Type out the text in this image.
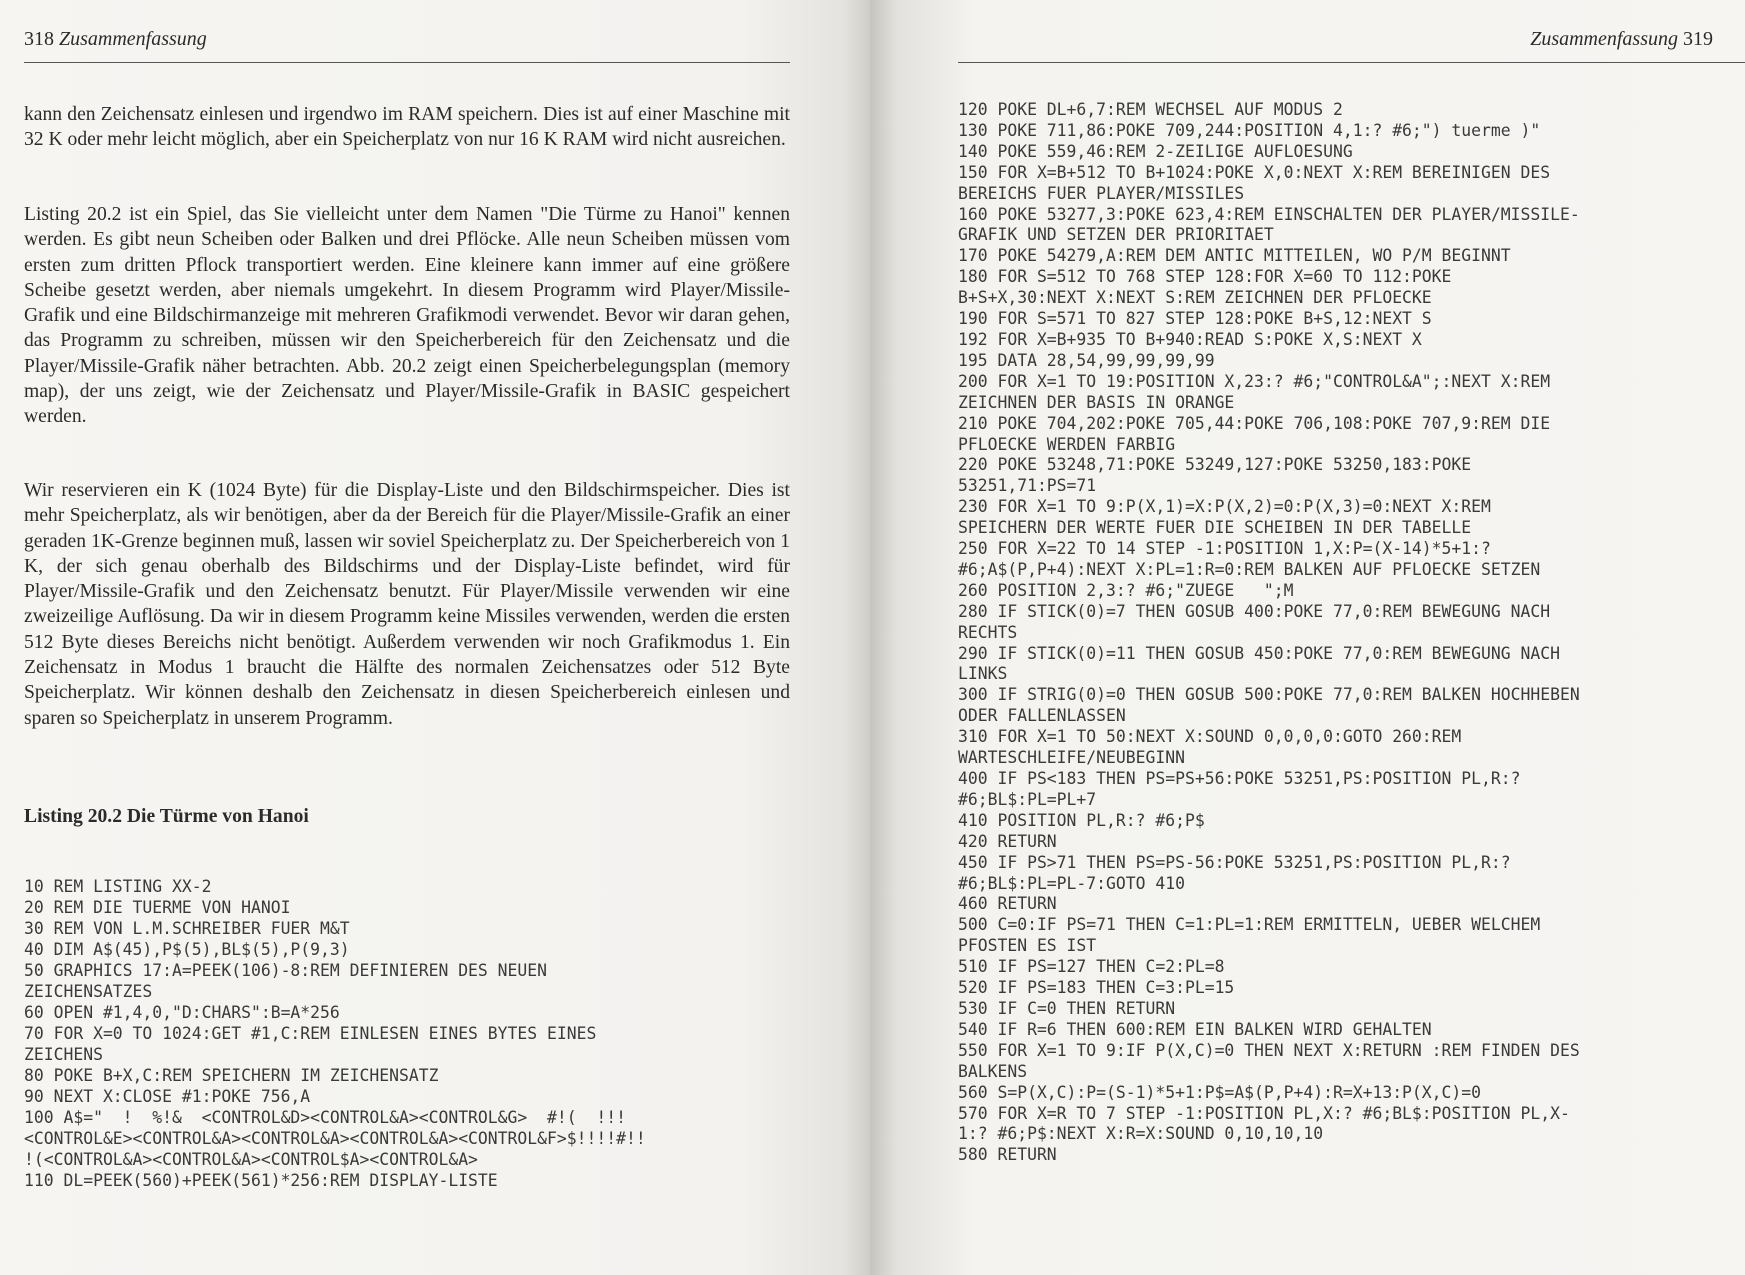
318 Zusammenfassung

kann den Zeichensatz einlesen und irgendwo im RAM speichern. Dies ist auf einer Maschine mit 32 K oder mehr leicht möglich, aber ein Speicherplatz von nur 16 K RAM wird nicht ausreichen.

Listing 20.2 ist ein Spiel, das Sie vielleicht unter dem Namen "Die Türme zu Hanoi" kennen werden. Es gibt neun Scheiben oder Balken und drei Pflöcke. Alle neun Scheiben müssen vom ersten zum dritten Pflock transportiert werden. Eine kleinere kann immer auf eine größere Scheibe gesetzt werden, aber niemals umgekehrt. In diesem Programm wird Player/Missile-Grafik und eine Bildschirmanzeige mit mehreren Grafikmodi verwendet. Bevor wir daran gehen, das Programm zu schreiben, müssen wir den Speicherbereich für den Zeichensatz und die Player/Missile-Grafik näher betrachten. Abb. 20.2 zeigt einen Speicherbelegungsplan (memory map), der uns zeigt, wie der Zeichensatz und Player/Missile-Grafik in BASIC gespeichert werden.

Wir reservieren ein K (1024 Byte) für die Display-Liste und den Bildschirmspeicher. Dies ist mehr Speicherplatz, als wir benötigen, aber da der Bereich für die Player/Missile-Grafik an einer geraden 1K-Grenze beginnen muß, lassen wir soviel Speicherplatz zu. Der Speicherbereich von 1 K, der sich genau oberhalb des Bildschirms und der Display-Liste befindet, wird für Player/Missile-Grafik und den Zeichensatz benutzt. Für Player/Missile verwenden wir eine zweizeilige Auflösung. Da wir in diesem Programm keine Missiles verwenden, werden die ersten 512 Byte dieses Bereichs nicht benötigt. Außerdem verwenden wir noch Grafikmodus 1. Ein Zeichensatz in Modus 1 braucht die Hälfte des normalen Zeichensatzes oder 512 Byte Speicherplatz. Wir können deshalb den Zeichensatz in diesen Speicherbereich einlesen und sparen so Speicherplatz in unserem Programm.

Listing 20.2 Die Türme von Hanoi
10 REM LISTING XX-2
20 REM DIE TUERME VON HANOI
30 REM VON L.M.SCHREIBER FUER M&T
40 DIM A$(45),P$(5),BL$(5),P(9,3)
50 GRAPHICS 17:A=PEEK(106)-8:REM DEFINIEREN DES NEUEN
ZEICHENSATZES
60 OPEN #1,4,0,"D:CHARS":B=A*256
70 FOR X=0 TO 1024:GET #1,C:REM EINLESEN EINES BYTES EINES
ZEICHENS
80 POKE B+X,C:REM SPEICHERN IM ZEICHENSATZ
90 NEXT X:CLOSE #1:POKE 756,A
100 A$="  !  %!&  <CONTROL&D><CONTROL&A><CONTROL&G>  #!(  !!!
<CONTROL&E><CONTROL&A><CONTROL&A><CONTROL&A><CONTROL&F>$!!!!#!!
!(<CONTROL&A><CONTROL&A><CONTROL$A><CONTROL&A>
110 DL=PEEK(560)+PEEK(561)*256:REM DISPLAY-LISTE
Zusammenfassung 319
120 POKE DL+6,7:REM WECHSEL AUF MODUS 2
130 POKE 711,86:POKE 709,244:POSITION 4,1:? #6;") tuerme )"
140 POKE 559,46:REM 2-ZEILIGE AUFLOESUNG
150 FOR X=B+512 TO B+1024:POKE X,0:NEXT X:REM BEREINIGEN DES
BEREICHS FUER PLAYER/MISSILES
160 POKE 53277,3:POKE 623,4:REM EINSCHALTEN DER PLAYER/MISSILE-
GRAFIK UND SETZEN DER PRIORITAET
170 POKE 54279,A:REM DEM ANTIC MITTEILEN, WO P/M BEGINNT
180 FOR S=512 TO 768 STEP 128:FOR X=60 TO 112:POKE
B+S+X,30:NEXT X:NEXT S:REM ZEICHNEN DER PFLOECKE
190 FOR S=571 TO 827 STEP 128:POKE B+S,12:NEXT S
192 FOR X=B+935 TO B+940:READ S:POKE X,S:NEXT X
195 DATA 28,54,99,99,99,99
200 FOR X=1 TO 19:POSITION X,23:? #6;"CONTROL&A";:NEXT X:REM
ZEICHNEN DER BASIS IN ORANGE
210 POKE 704,202:POKE 705,44:POKE 706,108:POKE 707,9:REM DIE
PFLOECKE WERDEN FARBIG
220 POKE 53248,71:POKE 53249,127:POKE 53250,183:POKE
53251,71:PS=71
230 FOR X=1 TO 9:P(X,1)=X:P(X,2)=0:P(X,3)=0:NEXT X:REM
SPEICHERN DER WERTE FUER DIE SCHEIBEN IN DER TABELLE
250 FOR X=22 TO 14 STEP -1:POSITION 1,X:P=(X-14)*5+1:?
#6;A$(P,P+4):NEXT X:PL=1:R=0:REM BALKEN AUF PFLOECKE SETZEN
260 POSITION 2,3:? #6;"ZUEGE   ";M
280 IF STICK(0)=7 THEN GOSUB 400:POKE 77,0:REM BEWEGUNG NACH
RECHTS
290 IF STICK(0)=11 THEN GOSUB 450:POKE 77,0:REM BEWEGUNG NACH
LINKS
300 IF STRIG(0)=0 THEN GOSUB 500:POKE 77,0:REM BALKEN HOCHHEBEN
ODER FALLENLASSEN
310 FOR X=1 TO 50:NEXT X:SOUND 0,0,0,0:GOTO 260:REM
WARTESCHLEIFE/NEUBEGINN
400 IF PS<183 THEN PS=PS+56:POKE 53251,PS:POSITION PL,R:?
#6;BL$:PL=PL+7
410 POSITION PL,R:? #6;P$
420 RETURN
450 IF PS>71 THEN PS=PS-56:POKE 53251,PS:POSITION PL,R:?
#6;BL$:PL=PL-7:GOTO 410
460 RETURN
500 C=0:IF PS=71 THEN C=1:PL=1:REM ERMITTELN, UEBER WELCHEM
PFOSTEN ES IST
510 IF PS=127 THEN C=2:PL=8
520 IF PS=183 THEN C=3:PL=15
530 IF C=0 THEN RETURN
540 IF R=6 THEN 600:REM EIN BALKEN WIRD GEHALTEN
550 FOR X=1 TO 9:IF P(X,C)=0 THEN NEXT X:RETURN :REM FINDEN DES
BALKENS
560 S=P(X,C):P=(S-1)*5+1:P$=A$(P,P+4):R=X+13:P(X,C)=0
570 FOR X=R TO 7 STEP -1:POSITION PL,X:? #6;BL$:POSITION PL,X-
1:? #6;P$:NEXT X:R=X:SOUND 0,10,10,10
580 RETURN
